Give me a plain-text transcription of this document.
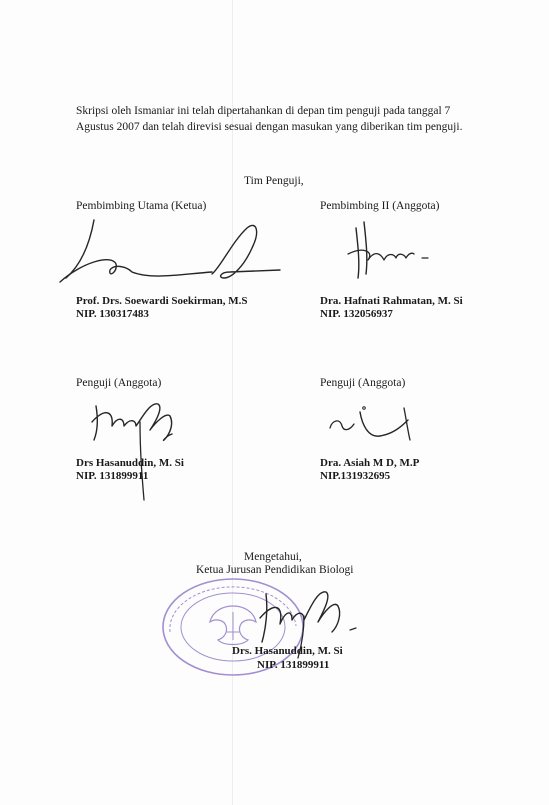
Skripsi oleh Ismaniar ini telah dipertahankan di depan tim penguji pada tanggal 7
Agustus 2007 dan telah direvisi sesuai dengan masukan yang diberikan tim penguji.
Tim Penguji,
Pembimbing Utama (Ketua)
Prof. Drs. Soewardi Soekirman, M.S
NIP. 130317483
Pembimbing II (Anggota)
Dra. Hafnati Rahmatan, M. Si
NIP. 132056937
Penguji (Anggota)
Drs Hasanuddin, M. Si
NIP. 131899911
Penguji (Anggota)
Dra. Asiah M D, M.P
NIP.131932695
Mengetahui,
Ketua Jurusan Pendidikan Biologi
Drs. Hasanuddin, M. Si
NIP. 131899911
